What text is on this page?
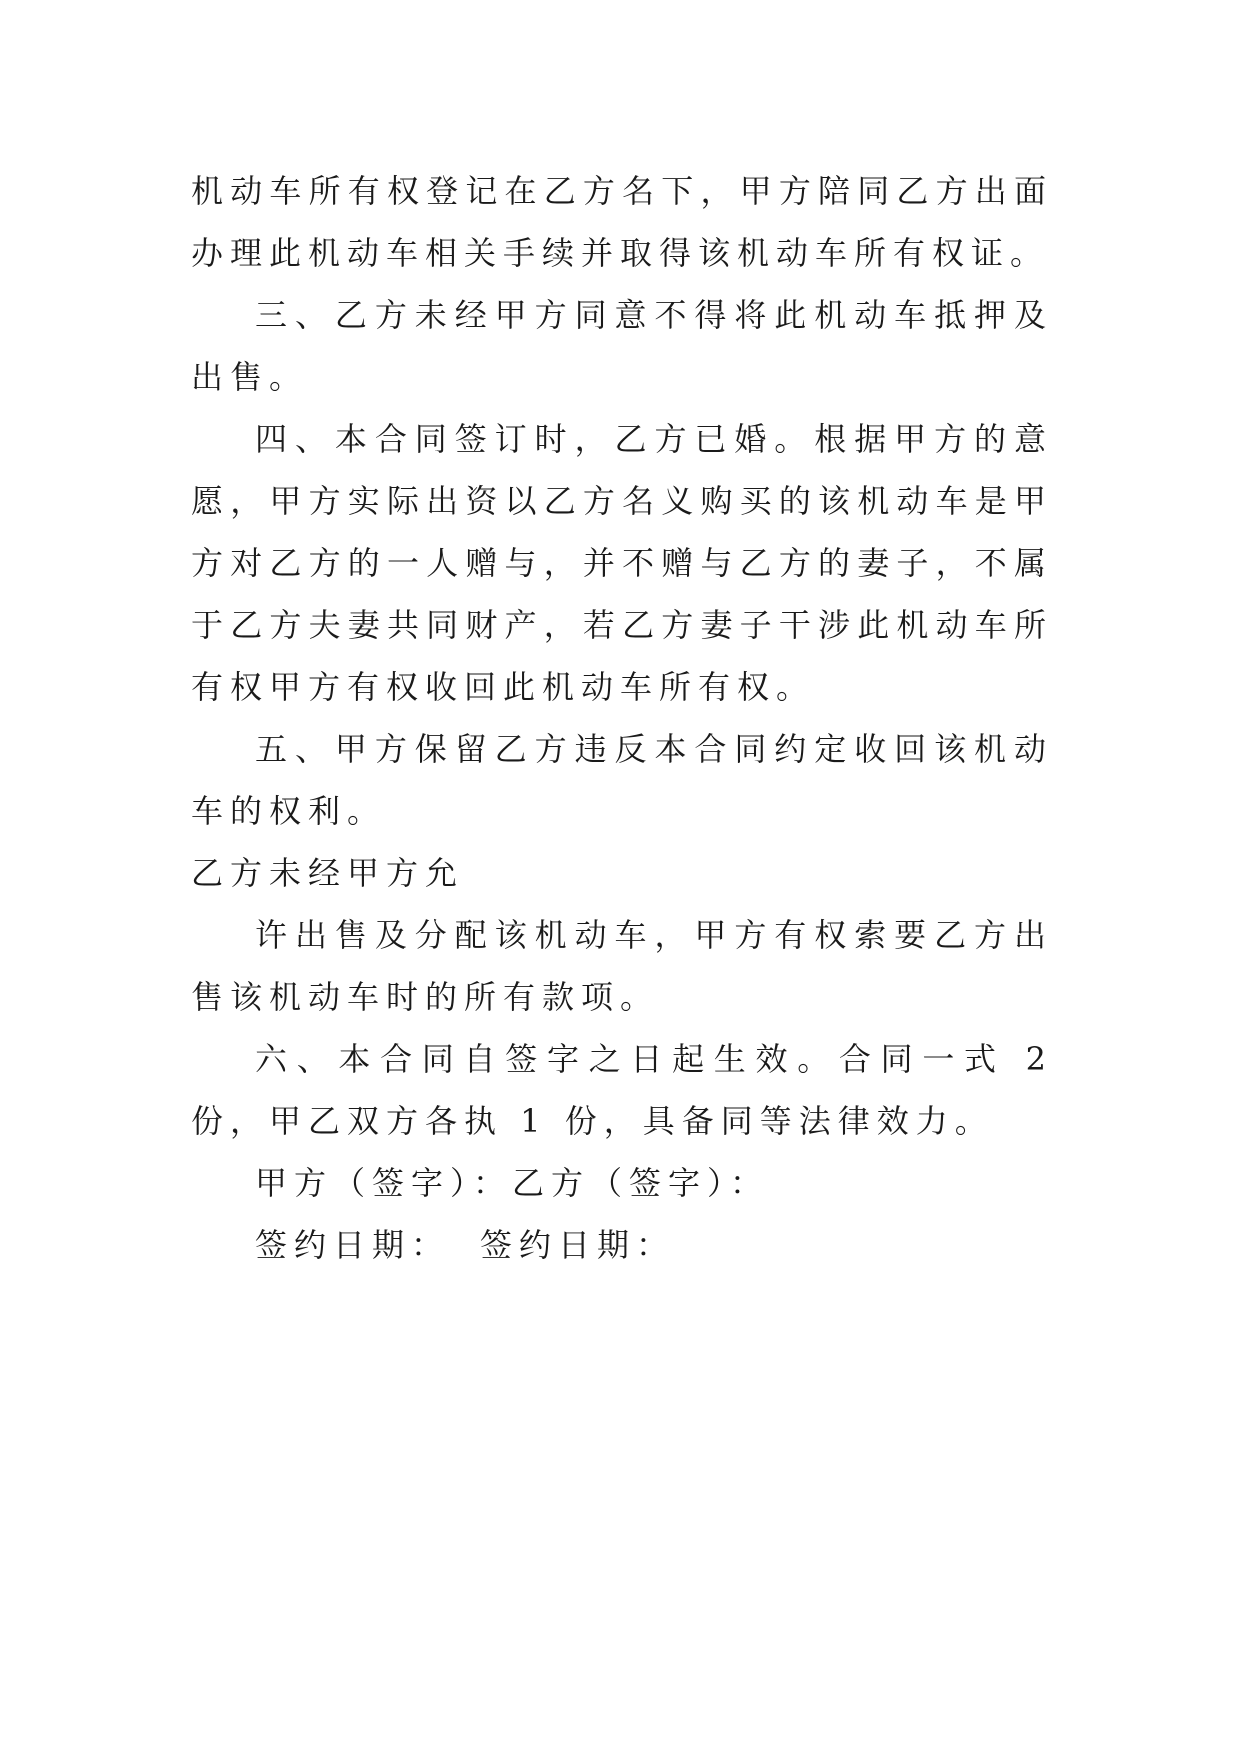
机动车所有权登记在乙方名下，甲方陪同乙方出面办理此机动车相关手续并取得该机动车所有权证。

三、乙方未经甲方同意不得将此机动车抵押及出售。

四、本合同签订时，乙方已婚。根据甲方的意愿，甲方实际出资以乙方名义购买的该机动车是甲方对乙方的一人赠与，并不赠与乙方的妻子，不属于乙方夫妻共同财产，若乙方妻子干涉此机动车所有权甲方有权收回此机动车所有权。

五、甲方保留乙方违反本合同约定收回该机动车的权利。

乙方未经甲方允

许出售及分配该机动车，甲方有权索要乙方出售该机动车时的所有款项。

六、本合同自签字之日起生效。合同一式 2 份，甲乙双方各执 1 份，具备同等法律效力。

甲方（签字）：乙方（签字）：

签约日期： 签约日期：
